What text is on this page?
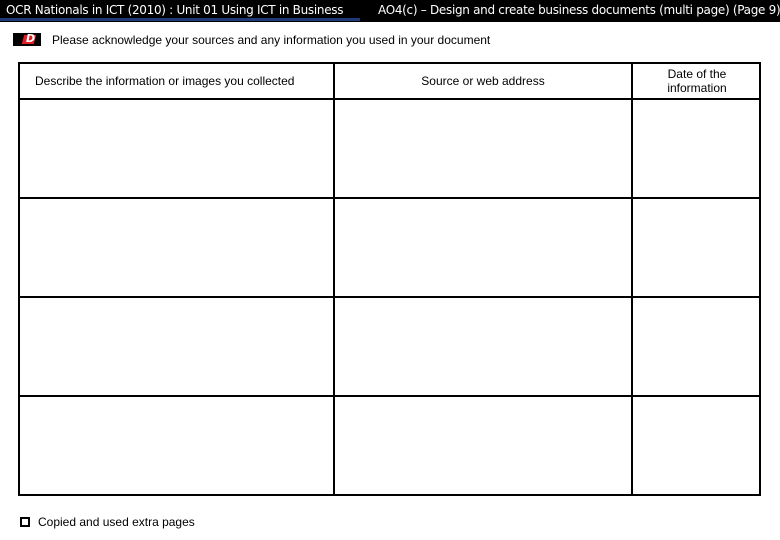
OCR Nationals in ICT (2010) : Unit 01 Using ICT in Business	AO4(c) – Design and create business documents (multi page) (Page 9)
D Please acknowledge your sources and any information you used in your document
Describe the information or images you collected	Source or web address	Date of the information
Copied and used extra pages
